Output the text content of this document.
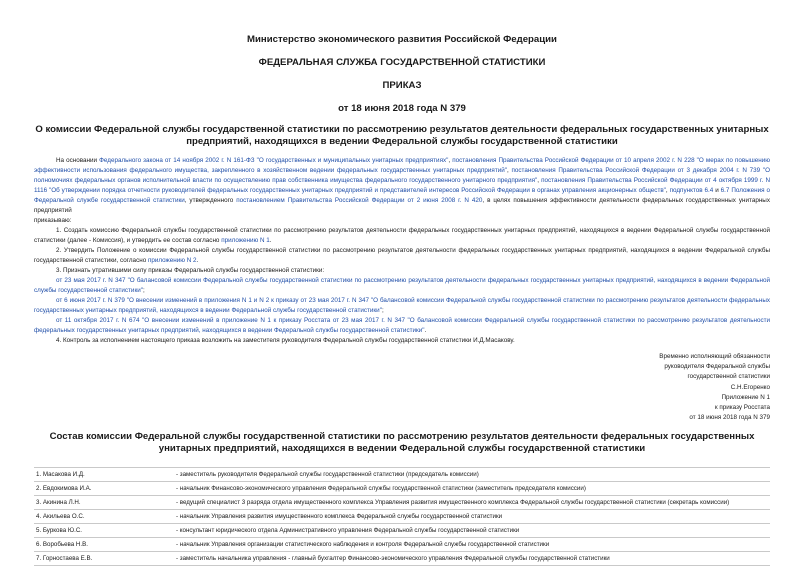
Министерство экономического развития Российской Федерации
ФЕДЕРАЛЬНАЯ СЛУЖБА ГОСУДАРСТВЕННОЙ СТАТИСТИКИ
ПРИКАЗ
от 18 июня 2018 года N 379
О комиссии Федеральной службы государственной статистики по рассмотрению результатов деятельности федеральных государственных унитарных предприятий, находящихся в ведении Федеральной службы государственной статистики

На основании Федерального закона от 14 ноября 2002 г. N 161-ФЗ "О государственных и муниципальных унитарных предприятиях", постановления Правительства Российской Федерации от 10 апреля 2002 г. N 228 "О мерах по повышению эффективности использования федерального имущества, закрепленного в хозяйственном ведении федеральных государственных унитарных предприятий", постановления Правительства Российской Федерации от 3 декабря 2004 г. N 739 "О полномочиях федеральных органов исполнительной власти по осуществлению прав собственника имущества федерального государственного унитарного предприятия", постановления Правительства Российской Федерации от 4 октября 1999 г. N 1116 "Об утверждении порядка отчетности руководителей федеральных государственных унитарных предприятий и представителей интересов Российской Федерации в органах управления акционерных обществ", подпунктов 6.4 и 6.7 Положения о Федеральной службе государственной статистики, утвержденного постановлением Правительства Российской Федерации от 2 июня 2008 г. N 420, в целях повышения эффективности деятельности федеральных государственных унитарных предприятий

приказываю:

1. Создать комиссию Федеральной службы государственной статистики по рассмотрению результатов деятельности федеральных государственных унитарных предприятий, находящихся в ведении Федеральной службы государственной статистики (далее - Комиссия), и утвердить ее состав согласно приложению N 1.

2. Утвердить Положение о комиссии Федеральной службы государственной статистики по рассмотрению результатов деятельности федеральных государственных унитарных предприятий, находящихся в ведении Федеральной службы государственной статистики, согласно приложению N 2.

3. Признать утратившими силу приказы Федеральной службы государственной статистики:

от 23 мая 2017 г. N 347 "О балансовой комиссии Федеральной службы государственной статистики по рассмотрению результатов деятельности федеральных государственных унитарных предприятий, находящихся в ведении Федеральной службы государственной статистики";

от 6 июня 2017 г. N 379 "О внесении изменений в приложения N 1 и N 2 к приказу от 23 мая 2017 г. N 347 "О балансовой комиссии Федеральной службы государственной статистики по рассмотрению результатов деятельности федеральных государственных унитарных предприятий, находящихся в ведении Федеральной службы государственной статистики";

от 11 октября 2017 г. N 674 "О внесении изменений в приложение N 1 к приказу Росстата от 23 мая 2017 г. N 347 "О балансовой комиссии Федеральной службы государственной статистики по рассмотрению результатов деятельности федеральных государственных унитарных предприятий, находящихся в ведении Федеральной службы государственной статистики".

4. Контроль за исполнением настоящего приказа возложить на заместителя руководителя Федеральной службы государственной статистики И.Д.Масакову.

Временно исполняющий обязанности
руководителя Федеральной службы
государственной статистики
С.Н.Егоренко
Приложение N 1
к приказу Росстата
от 18 июня 2018 года N 379
Состав комиссии Федеральной службы государственной статистики по рассмотрению результатов деятельности федеральных государственных унитарных предприятий, находящихся в ведении Федеральной службы государственной статистики
1. Масакова И.Д.	- заместитель руководителя Федеральной службы государственной статистики (председатель комиссии)
2. Евдокимова И.А.	- начальник Финансово-экономического управления Федеральной службы государственной статистики (заместитель председателя комиссии)
3. Акинина Л.Н.	- ведущий специалист 3 разряда отдела имущественного комплекса Управления развития имущественного комплекса Федеральной службы государственной статистики (секретарь комиссии)
4. Акильева О.С.	- начальник Управления развития имущественного комплекса Федеральной службы государственной статистики
5. Буркова Ю.С.	- консультант юридического отдела Административного управления Федеральной службы государственной статистики
6. Воробьева Н.В.	- начальник Управления организации статистического наблюдения и контроля Федеральной службы государственной статистики
7. Горностаева Е.В.	- заместитель начальника управления - главный бухгалтер Финансово-экономического управления Федеральной службы государственной статистики
